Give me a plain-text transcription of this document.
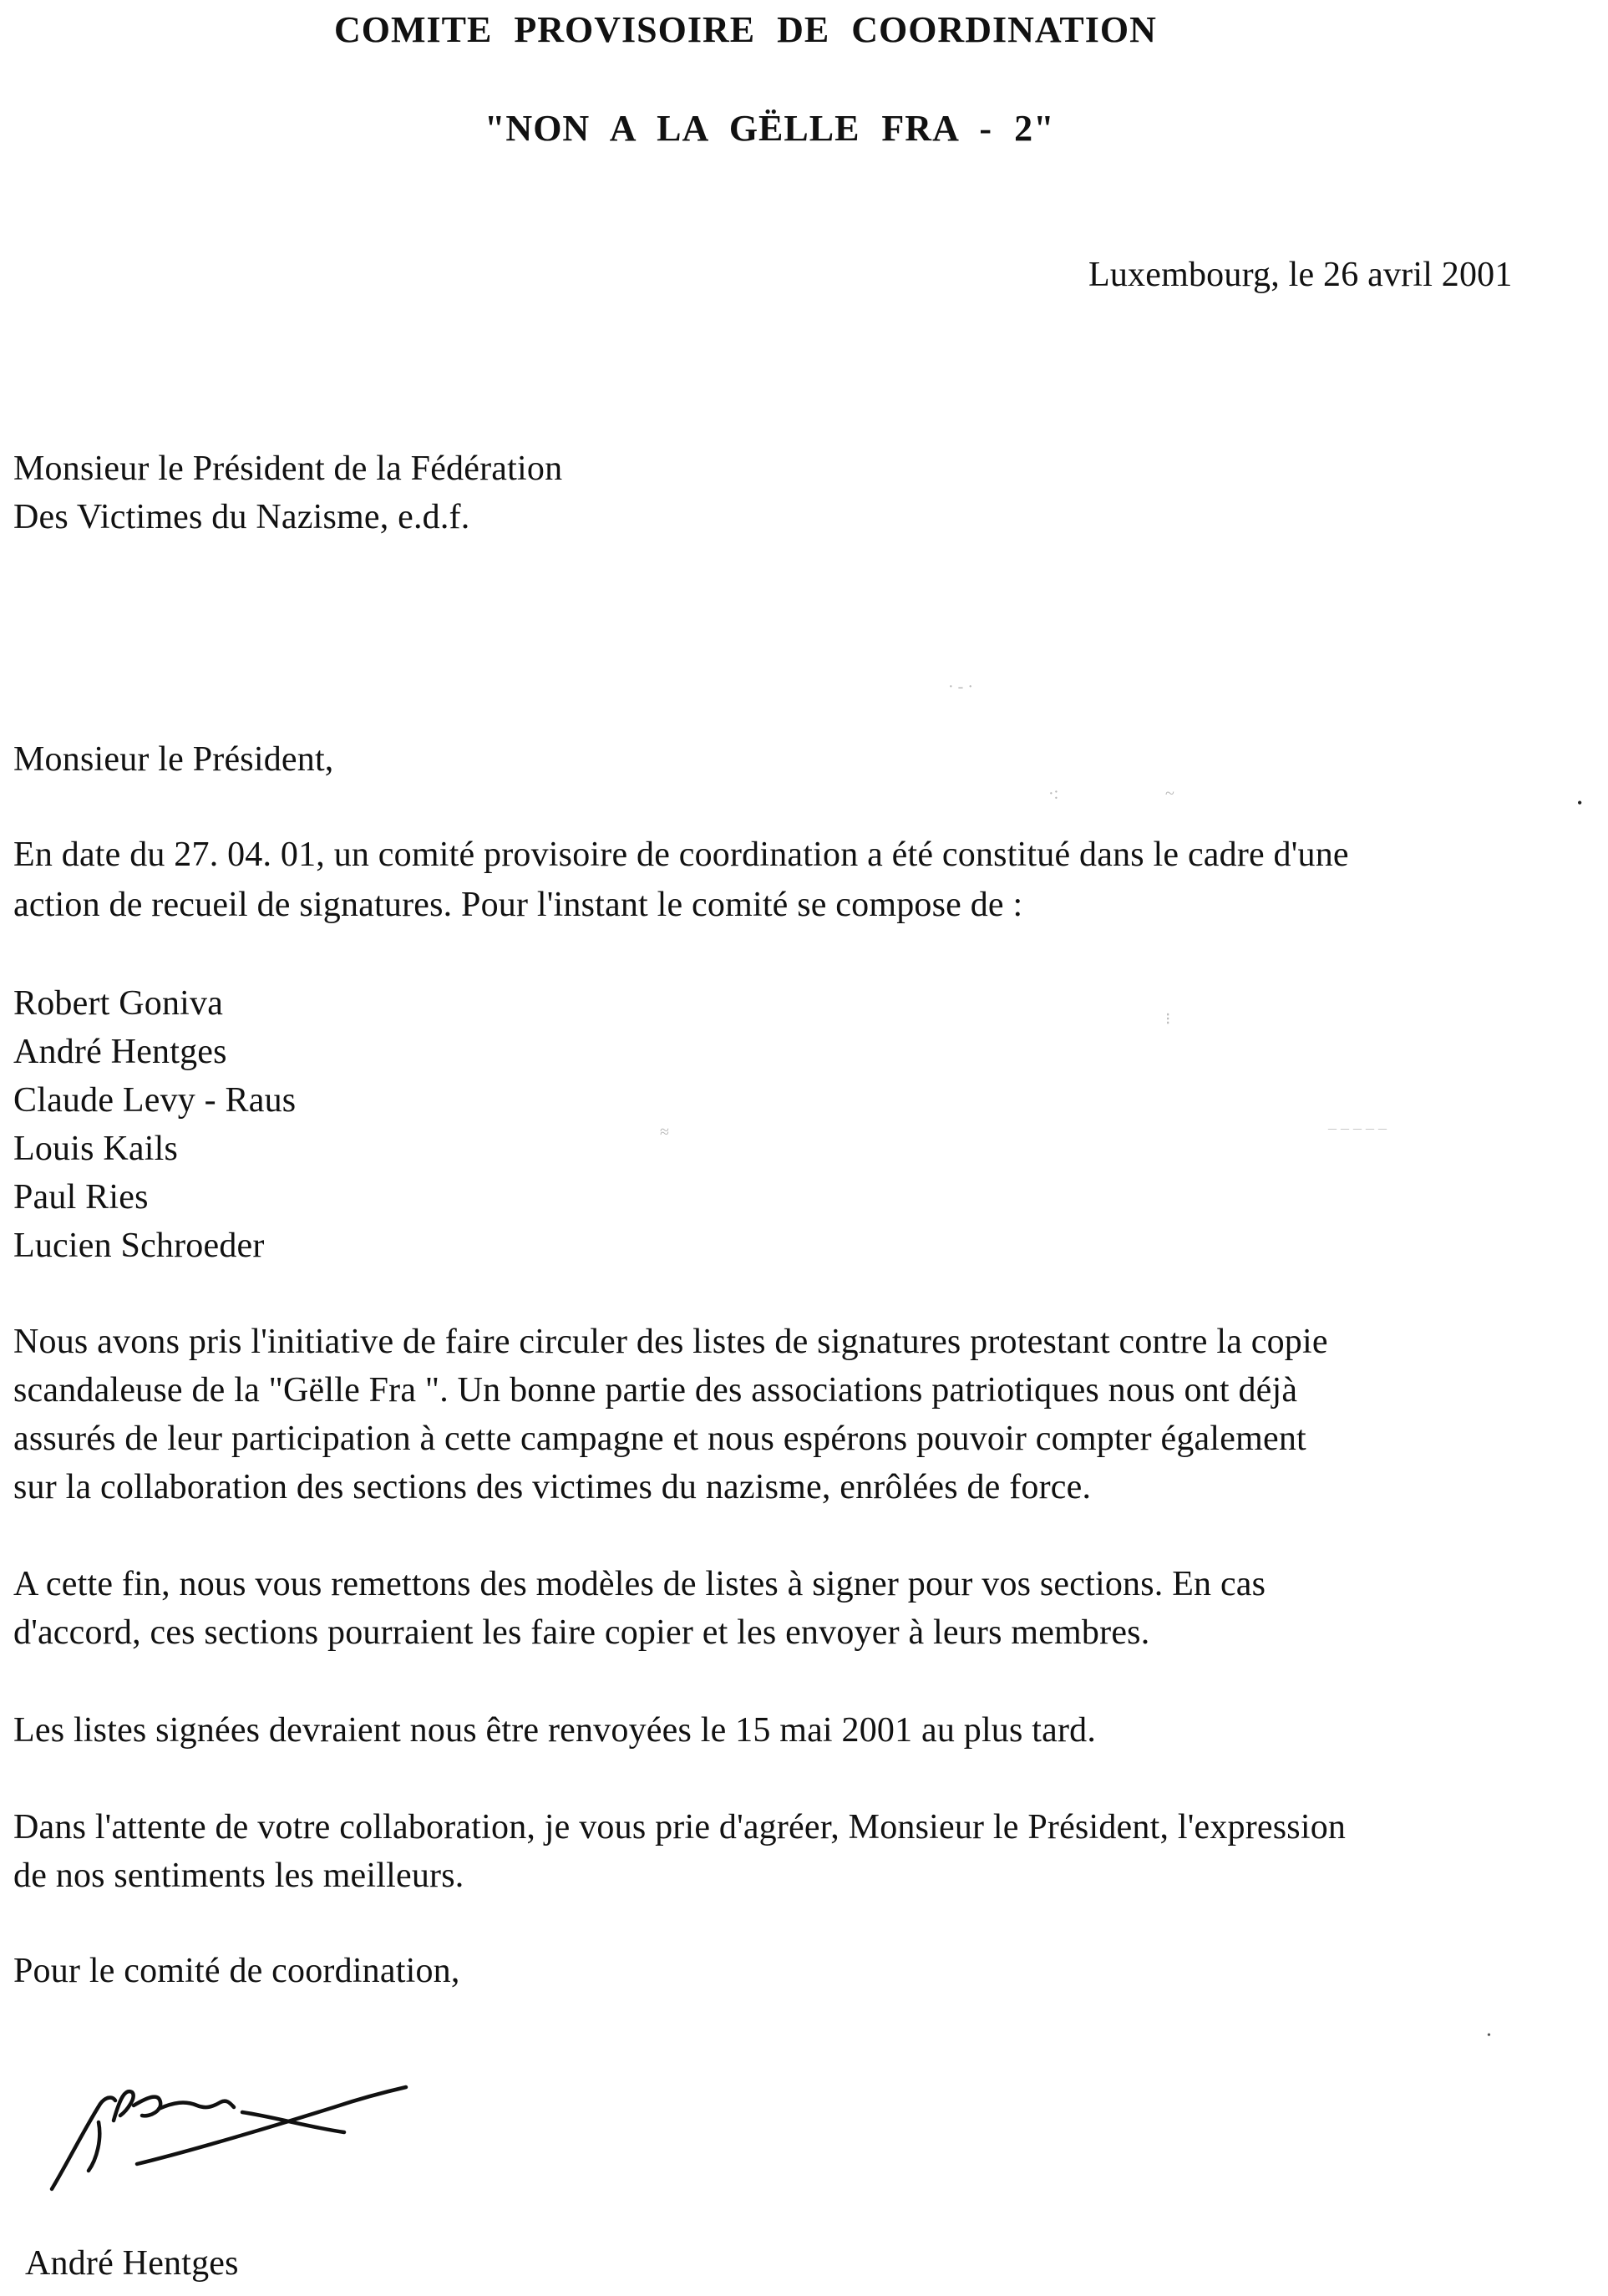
COMITE PROVISOIRE DE COORDINATION
"NON A LA GËLLE FRA - 2"
Luxembourg, le 26 avril 2001
Monsieur le Président de la Fédération
Des Victimes du Nazisme, e.d.f.
· ‐ ·
·:	~
‒ ‒ ‒ ‒ ‒
≈
⁝
Monsieur le Président,
En date du 27. 04. 01, un comité provisoire de coordination a été constitué dans le cadre d'une
action de recueil de signatures. Pour l'instant le comité se compose de :
Robert Goniva
André Hentges
Claude Levy - Raus
Louis Kails
Paul Ries
Lucien Schroeder
Nous avons pris l'initiative de faire circuler des listes de signatures protestant contre la copie
scandaleuse de la "Gëlle Fra ". Un bonne partie des associations patriotiques nous ont déjà
assurés de leur participation à cette campagne et nous espérons pouvoir compter également
sur la collaboration des sections des victimes du nazisme, enrôlées de force.
A cette fin, nous vous remettons des modèles de listes à signer pour vos sections. En cas
d'accord, ces sections pourraient les faire copier et les envoyer à leurs membres.
Les listes signées devraient nous être renvoyées le 15 mai 2001 au plus tard.
Dans l'attente de votre collaboration, je vous prie d'agréer, Monsieur le Président, l'expression
de nos sentiments les meilleurs.
Pour le comité de coordination,
André Hentges
•
•
